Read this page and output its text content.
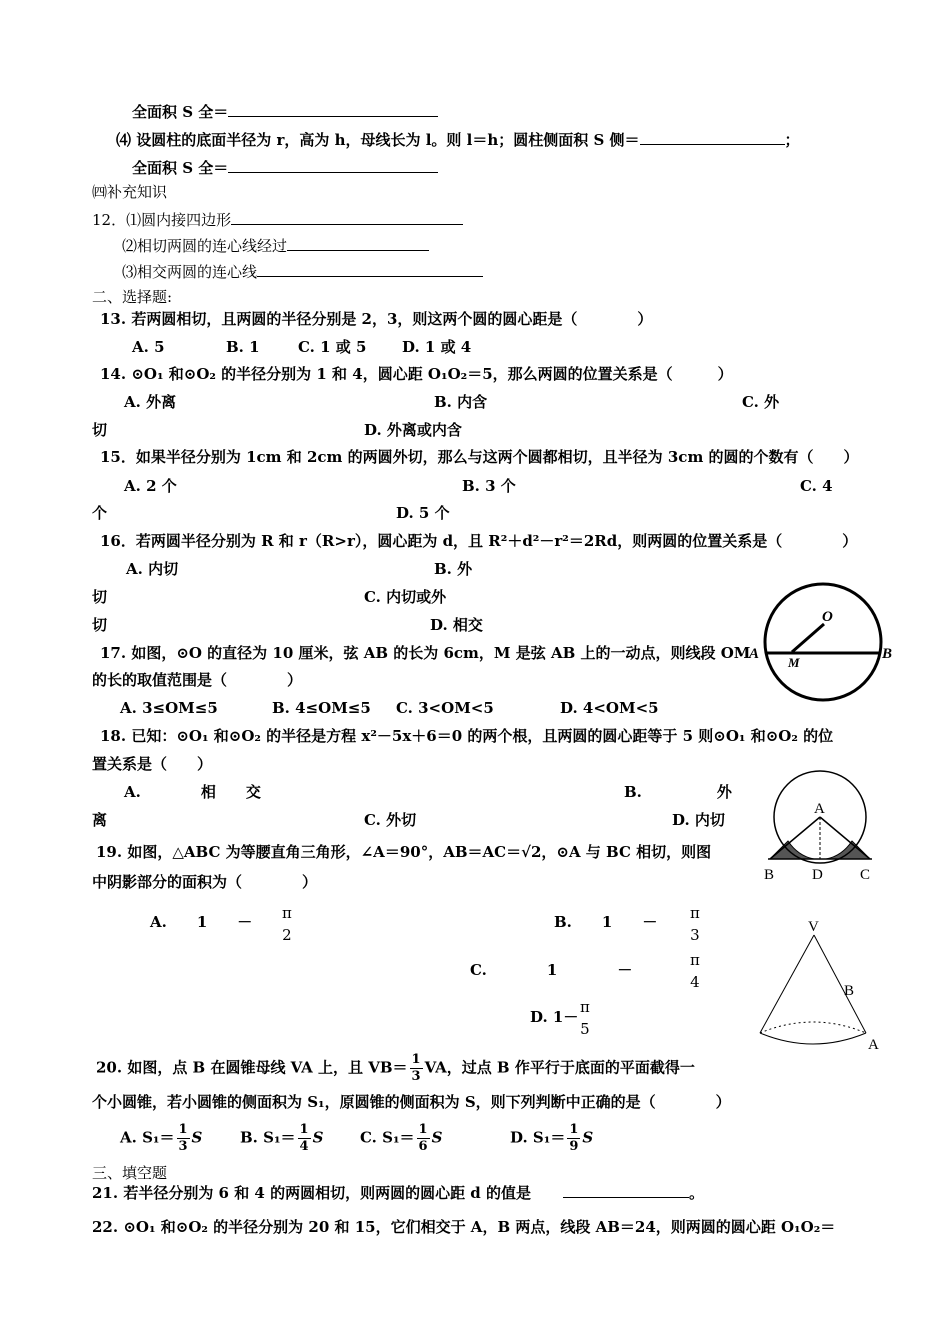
全面积 S 全＝
⑷ 设圆柱的底面半径为 r，高为 h，母线长为 l。则 l＝h；圆柱侧面积 S 侧＝	；
全面积 S 全＝
㈣补充知识
12．⑴圆内接四边形
⑵相切两圆的连心线经过
⑶相交两圆的连心线
二、选择题:
13. 若两圆相切，且两圆的半径分别是 2，3，则这两个圆的圆心距是（　　　　）
A. 5	B. 1	C. 1 或 5 D. 1 或 4
14. ⊙O₁ 和⊙O₂ 的半径分别为 1 和 4，圆心距 O₁O₂＝5，那么两圆的位置关系是（　　　）
A. 外离	B. 内含	C. 外
切	D. 外离或内含
15．如果半径分别为 1cm 和 2cm 的两圆外切，那么与这两个圆都相切，且半径为 3cm 的圆的个数有（　　）
A. 2 个	B. 3 个	C. 4
个	D. 5 个
16．若两圆半径分别为 R 和 r（R>r），圆心距为 d，且 R²＋d²－r²＝2Rd，则两圆的位置关系是（　　　　）
A. 内切	B. 外
切	C. 内切或外
切	D. 相交
17. 如图，⊙O 的直径为 10 厘米，弦 AB 的长为 6cm，M 是弦 AB 上的一动点，则线段 OM
的长的取值范围是（　　　　）
A. 3≤OM≤5	B. 4≤OM≤5 C. 3<OM<5	D. 4<OM<5
O
A
M
B
18. 已知：⊙O₁ 和⊙O₂ 的半径是方程 x²－5x＋6＝0 的两个根，且两圆的圆心距等于 5 则⊙O₁ 和⊙O₂ 的位
置关系是（　　）
A.　　　　相　　交	B.　　　　　外
离	C. 外切	D. 内切
A
B	D C
19. 如图，△ABC 为等腰直角三角形，∠A＝90°，AB＝AC＝√2，⊙A 与 BC 相切，则图
中阴影部分的面积为（　　　　）
A.　　1　　－ π
2
B.　　1　　－ π
3
C.　　　　1　　　　－
π
4
D. 1－
π
5
V
B
A
20. 如图，点 B 在圆锥母线 VA 上，且 $VB= \frac{1}{3}$ VA，过点 B 作平行于底面的平面截得一
个小圆锥，若小圆锥的侧面积为 S₁，原圆锥的侧面积为 S，则下列判断中正确的是（　　　　）
A. $S_1= \frac{1}{3}$ S	B. $S_1= \frac{1}{4}$ S C. $S_1= \frac{1}{6}$ S	D. $S_1= \frac{1}{9}$ S
三、填空题
21. 若半径分别为 6 和 4 的两圆相切，则两圆的圆心距 d 的值是	。
22. ⊙O₁ 和⊙O₂ 的半径分别为 20 和 15，它们相交于 A，B 两点，线段 AB＝24，则两圆的圆心距 O₁O₂＝
